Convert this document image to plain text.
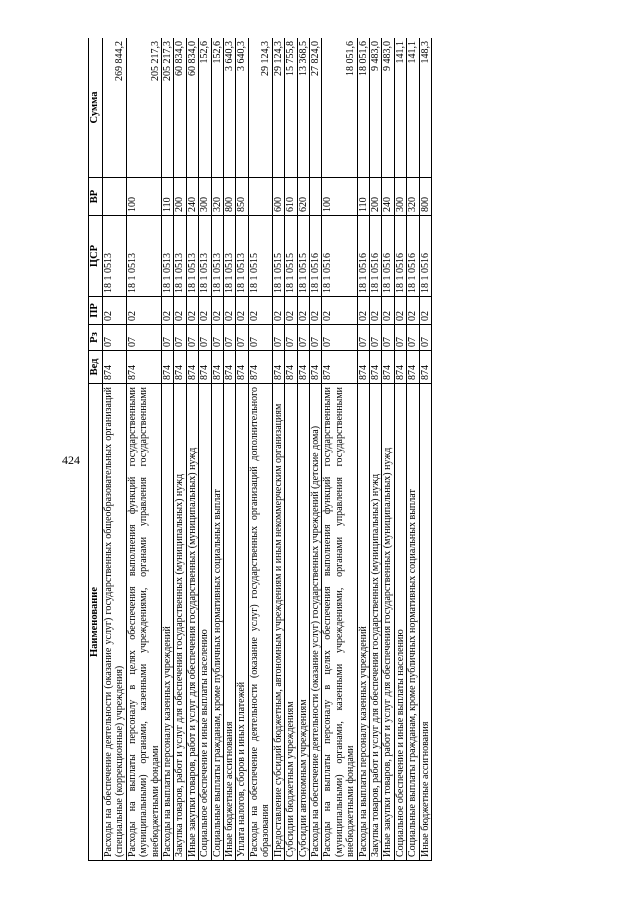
424
Наименование	Вед	Рз	ПР	ЦСР	ВР	Сумма
Расходы на обеспечение деятельности (оказание услуг) государственных общеобразовательных организаций (специальные (коррекционные) учреждения)	874	07	02	18 1 0513		269 844,2
Расходы на выплаты персоналу в целях обеспечения выполнения функций государственными (муниципальными) органами, казенными учреждениями, органами управления государственными внебюджетными фондами	874	07	02	18 1 0513	100	205 217,3
Расходы на выплаты персоналу казенных учреждений	874	07	02	18 1 0513	110	205 217,3
Закупка товаров, работ и услуг для обеспечения государственных (муниципальных) нужд	874	07	02	18 1 0513	200	60 834,0
Иные закупки товаров, работ и услуг для обеспечения государственных (муниципальных) нужд	874	07	02	18 1 0513	240	60 834,0
Социальное обеспечение и иные выплаты населению	874	07	02	18 1 0513	300	152,6
Социальные выплаты гражданам, кроме публичных нормативных социальных выплат	874	07	02	18 1 0513	320	152,6
Иные бюджетные ассигнования	874	07	02	18 1 0513	800	3 640,3
Уплата налогов, сборов и иных платежей	874	07	02	18 1 0513	850	3 640,3
Расходы на обеспечение деятельности (оказание услуг) государственных организаций дополнительного образования	874	07	02	18 1 0515		29 124,3
Предоставление субсидий бюджетным, автономным учреждениям и иным некоммерческим организациям	874	07	02	18 1 0515	600	29 124,3
Субсидии бюджетным учреждениям	874	07	02	18 1 0515	610	15 755,8
Субсидии автономным учреждениям	874	07	02	18 1 0515	620	13 368,5
Расходы на обеспечение деятельности (оказание услуг) государственных учреждений (детские дома)	874	07	02	18 1 0516		27 824,0
Расходы на выплаты персоналу в целях обеспечения выполнения функций государственными (муниципальными) органами, казенными учреждениями, органами управления государственными внебюджетными фондами	874	07	02	18 1 0516	100	18 051,6
Расходы на выплаты персоналу казенных учреждений	874	07	02	18 1 0516	110	18 051,6
Закупка товаров, работ и услуг для обеспечения государственных (муниципальных) нужд	874	07	02	18 1 0516	200	9 483,0
Иные закупки товаров, работ и услуг для обеспечения государственных (муниципальных) нужд	874	07	02	18 1 0516	240	9 483,0
Социальное обеспечение и иные выплаты населению	874	07	02	18 1 0516	300	141,1
Социальные выплаты гражданам, кроме публичных нормативных социальных выплат	874	07	02	18 1 0516	320	141,1
Иные бюджетные ассигнования	874	07	02	18 1 0516	800	148,3
